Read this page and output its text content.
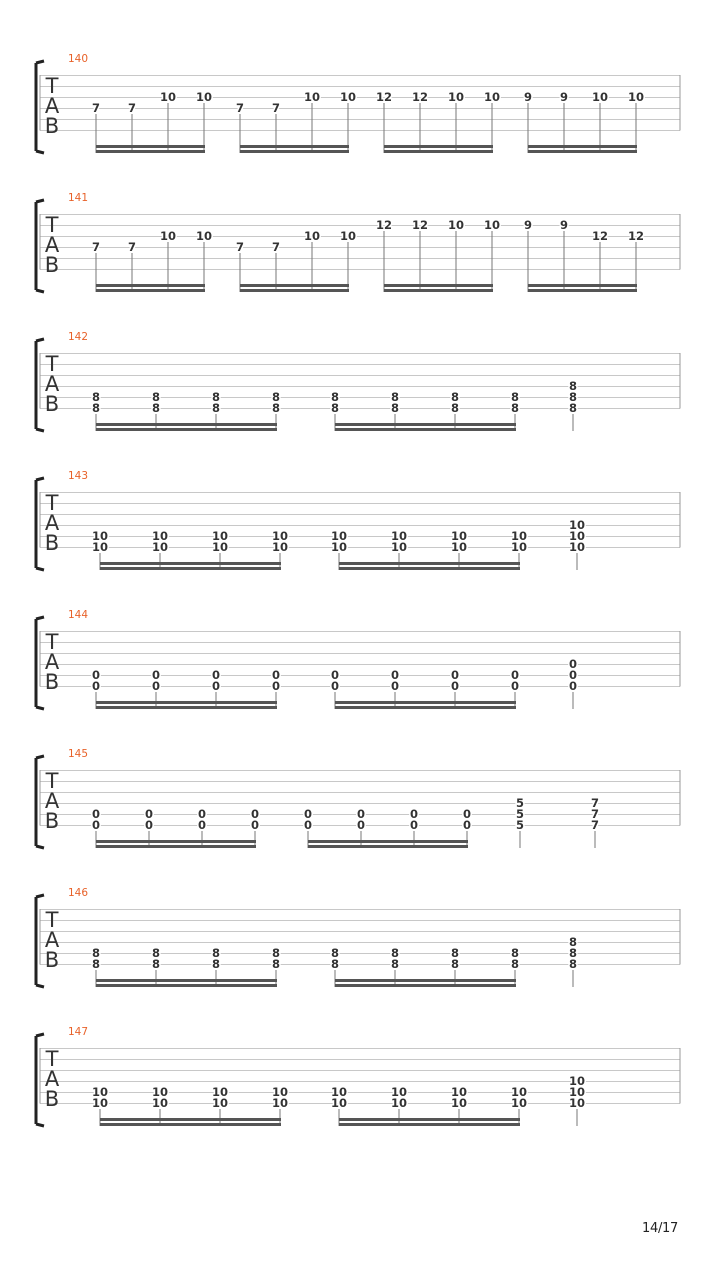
140
T
A
B
7 7
10 10
7 7
10 10 12 12 10 10 9 9 10 10
141
T
A
B
7 7
10 10
7 7
10 10
12 12 10 10 9 9
12 12
142
T
A
B	8
8
8
8
8
8
8
8
8
8
8
8
8
8
8
8
8
8
8
143
T
A
B	10
10
10
10
10
10
10
10
10
10
10
10
10
10
10
10
10
10
10
144
T
A
B	0
0
0
0
0
0
0
0
0
0
0
0
0
0
0
0
0
0
0
145
T
A
B	0
0
0
0
0
0
0
0
0
0
0
0
0
0
0
0
5
5
5
7
7
7
146
T
A
B	8
8
8
8
8
8
8
8
8
8
8
8
8
8
8
8
8
8
8
147
T
A
B	10
10
10
10
10
10
10
10
10
10
10
10
10
10
10
10
10
10
10
14/17
